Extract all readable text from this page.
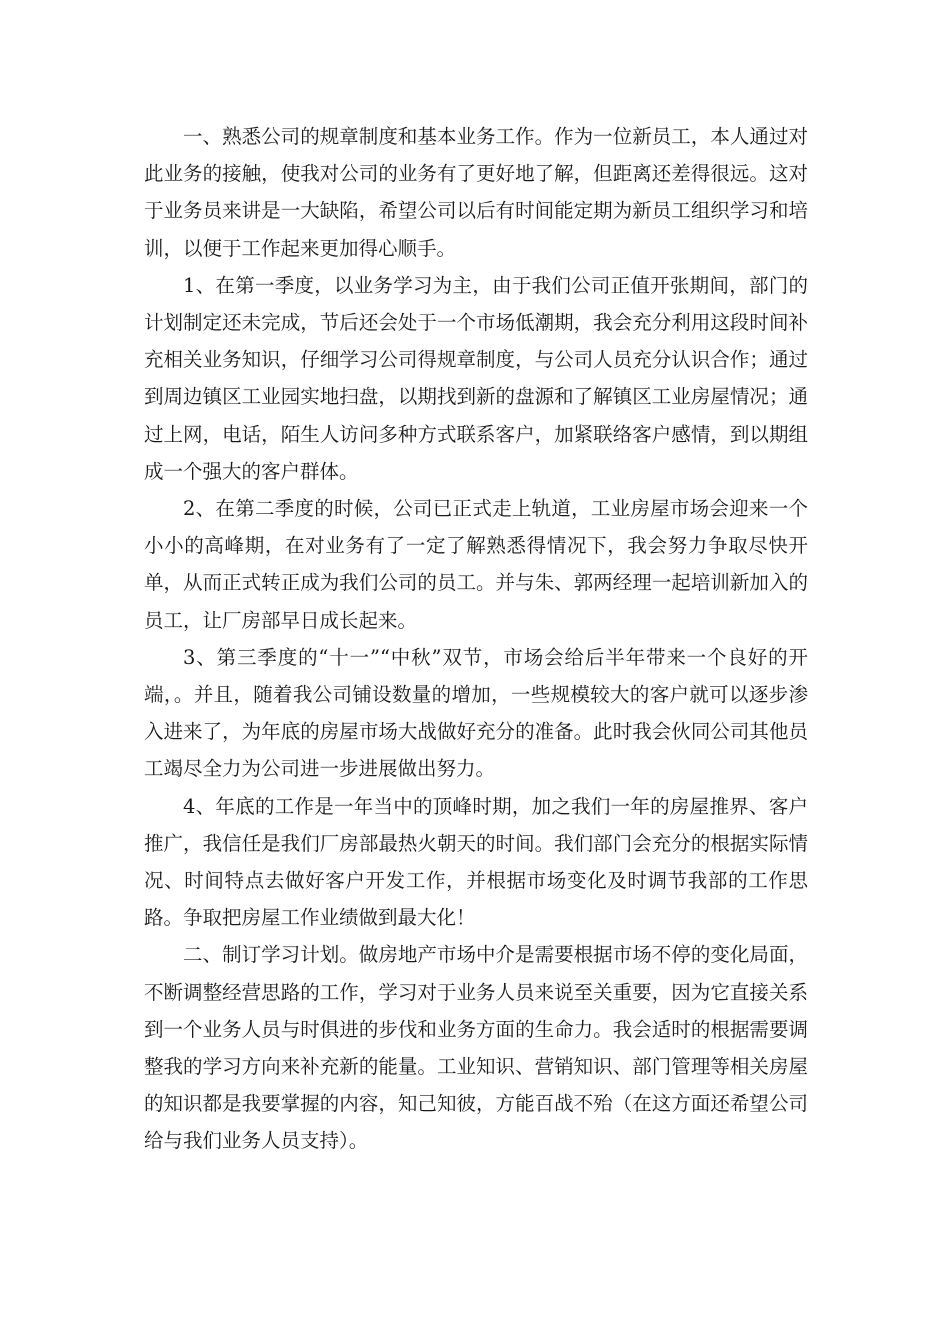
一、熟悉公司的规章制度和基本业务工作。作为一位新员工，本人通过对此业务的接触，使我对公司的业务有了更好地了解，但距离还差得很远。这对于业务员来讲是一大缺陷，希望公司以后有时间能定期为新员工组织学习和培训，以便于工作起来更加得心顺手。

1、在第一季度，以业务学习为主，由于我们公司正值开张期间，部门的计划制定还未完成，节后还会处于一个市场低潮期，我会充分利用这段时间补充相关业务知识，仔细学习公司得规章制度，与公司人员充分认识合作；通过到周边镇区工业园实地扫盘，以期找到新的盘源和了解镇区工业房屋情况；通过上网，电话，陌生人访问多种方式联系客户，加紧联络客户感情，到以期组成一个强大的客户群体。

2、在第二季度的时候，公司已正式走上轨道，工业房屋市场会迎来一个小小的高峰期，在对业务有了一定了解熟悉得情况下，我会努力争取尽快开单，从而正式转正成为我们公司的员工。并与朱、郭两经理一起培训新加入的员工，让厂房部早日成长起来。

3、第三季度的“十一”“中秋”双节，市场会给后半年带来一个良好的开端，。并且，随着我公司铺设数量的增加，一些规模较大的客户就可以逐步渗入进来了，为年底的房屋市场大战做好充分的准备。此时我会伙同公司其他员工竭尽全力为公司进一步进展做出努力。

4、年底的工作是一年当中的顶峰时期，加之我们一年的房屋推界、客户推广，我信任是我们厂房部最热火朝天的时间。我们部门会充分的根据实际情况、时间特点去做好客户开发工作，并根据市场变化及时调节我部的工作思路。争取把房屋工作业绩做到最大化！

二、制订学习计划。做房地产市场中介是需要根据市场不停的变化局面，不断调整经营思路的工作，学习对于业务人员来说至关重要，因为它直接关系到一个业务人员与时俱进的步伐和业务方面的生命力。我会适时的根据需要调整我的学习方向来补充新的能量。工业知识、营销知识、部门管理等相关房屋的知识都是我要掌握的内容，知己知彼，方能百战不殆（在这方面还希望公司给与我们业务人员支持）。
